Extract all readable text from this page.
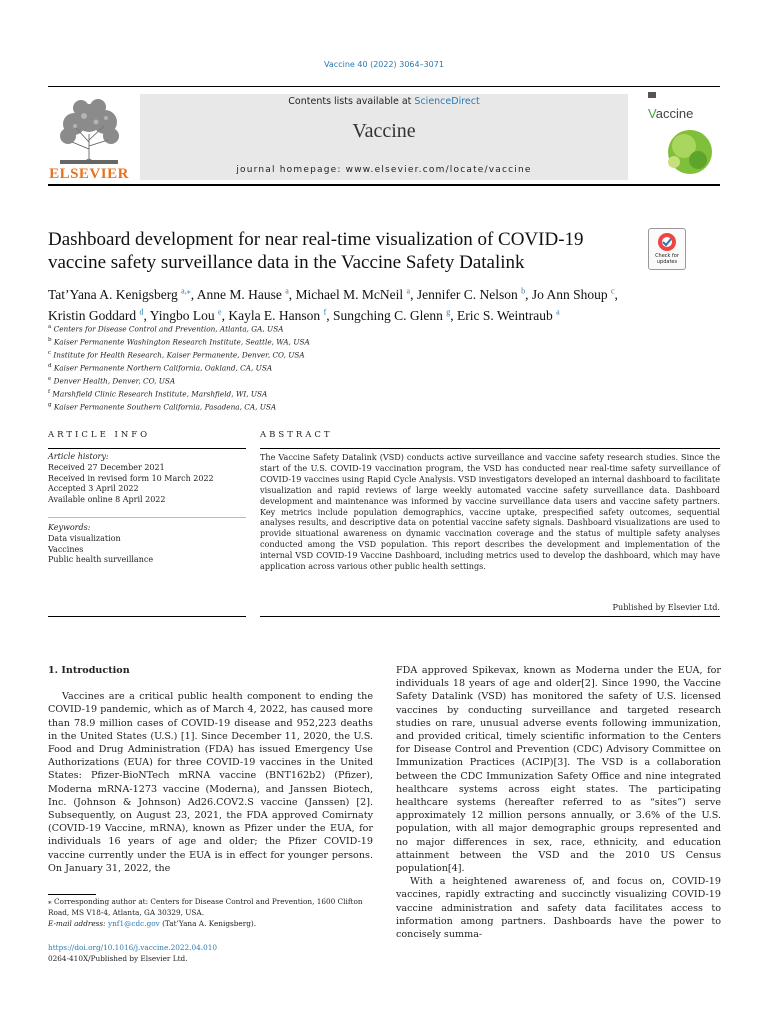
Vaccine 40 (2022) 3064–3071
ELSEVIER
Contents lists available at ScienceDirect
Vaccine
journal homepage: www.elsevier.com/locate/vaccine
Vaccine
Dashboard development for near real-time visualization of COVID-19 vaccine safety surveillance data in the Vaccine Safety Datalink	Check for updates
Tat’Yana A. Kenigsberg $^{a,⁎}$, Anne M. Hause $^a$, Michael M. McNeil $^a$, Jennifer C. Nelson $^b$, Jo Ann Shoup $^c$,
Kristin Goddard $^d$, Yingbo Lou $^e$, Kayla E. Hanson $^f$, Sungching C. Glenn $^g$, Eric S. Weintraub $^a$
$^a$ Centers for Disease Control and Prevention, Atlanta, GA, USA
$^b$ Kaiser Permanente Washington Research Institute, Seattle, WA, USA
$^c$ Institute for Health Research, Kaiser Permanente, Denver, CO, USA
$^d$ Kaiser Permanente Northern California, Oakland, CA, USA
$^e$ Denver Health, Denver, CO, USA
$^f$ Marshfield Clinic Research Institute, Marshfield, WI, USA
$^g$ Kaiser Permanente Southern California, Pasadena, CA, USA
ARTICLE INFO	ABSTRACT
Article history:
Received 27 December 2021
Received in revised form 10 March 2022
Accepted 3 April 2022
Available online 8 April 2022
Keywords:
Data visualization
Vaccines
Public health surveillance
The Vaccine Safety Datalink (VSD) conducts active surveillance and vaccine safety research studies. Since the start of the U.S. COVID-19 vaccination program, the VSD has conducted near real-time safety surveillance of COVID-19 vaccines using Rapid Cycle Analysis. VSD investigators developed an internal dashboard to facilitate visualization and rapid reviews of large weekly automated vaccine safety surveillance data. Dashboard development and maintenance was informed by vaccine surveillance data users and vaccine safety partners. Key metrics include population demographics, vaccine uptake, prespecified safety outcomes, sequential analyses results, and descriptive data on potential vaccine safety signals. Dashboard visualizations are used to provide situational awareness on dynamic vaccination coverage and the status of multiple safety analyses conducted among the VSD population. This report describes the development and implementation of the internal VSD COVID-19 Vaccine Dashboard, including metrics used to develop the dashboard, which may have application across various other public health settings.
Published by Elsevier Ltd.
1. Introduction

Vaccines are a critical public health component to ending the COVID-19 pandemic, which as of March 4, 2022, has caused more than 78.9 million cases of COVID-19 disease and 952,223 deaths in the United States (U.S.) [1]. Since December 11, 2020, the U.S. Food and Drug Administration (FDA) has issued Emergency Use Authorizations (EUA) for three COVID-19 vaccines in the United States: Pfizer-BioNTech mRNA vaccine (BNT162b2) (Pfizer), Moderna mRNA-1273 vaccine (Moderna), and Janssen Biotech, Inc. (Johnson & Johnson) Ad26.COV2.S vaccine (Janssen) [2]. Subsequently, on August 23, 2021, the FDA approved Comirnaty (COVID-19 Vaccine, mRNA), known as Pfizer under the EUA, for individuals 16 years of age and older; the Pfizer COVID-19 vaccine currently under the EUA is in effect for younger persons. On January 31, 2022, the

FDA approved Spikevax, known as Moderna under the EUA, for individuals 18 years of age and older[2]. Since 1990, the Vaccine Safety Datalink (VSD) has monitored the safety of U.S. licensed vaccines by conducting surveillance and targeted research studies on rare, unusual adverse events following immunization, and provided critical, timely scientific information to the Centers for Disease Control and Prevention (CDC) Advisory Committee on Immunization Practices (ACIP)[3]. The VSD is a collaboration between the CDC Immunization Safety Office and nine integrated healthcare systems across eight states. The participating healthcare systems (hereafter referred to as “sites”) serve approximately 12 million persons annually, or 3.6% of the U.S. population, with all major demographic groups represented and no major differences in sex, race, ethnicity, and education attainment between the VSD and the 2010 US Census population[4].

With a heightened awareness of, and focus on, COVID-19 vaccines, rapidly extracting and succinctly visualizing COVID-19 vaccine administration and safety data facilitates access to information among partners. Dashboards have the power to concisely summa-

⁎ Corresponding author at: Centers for Disease Control and Prevention, 1600 Clifton Road, MS V18-4, Atlanta, GA 30329, USA.
E-mail address: ynf1@cdc.gov (Tat’Yana A. Kenigsberg).
https://doi.org/10.1016/j.vaccine.2022.04.010
0264-410X/Published by Elsevier Ltd.
